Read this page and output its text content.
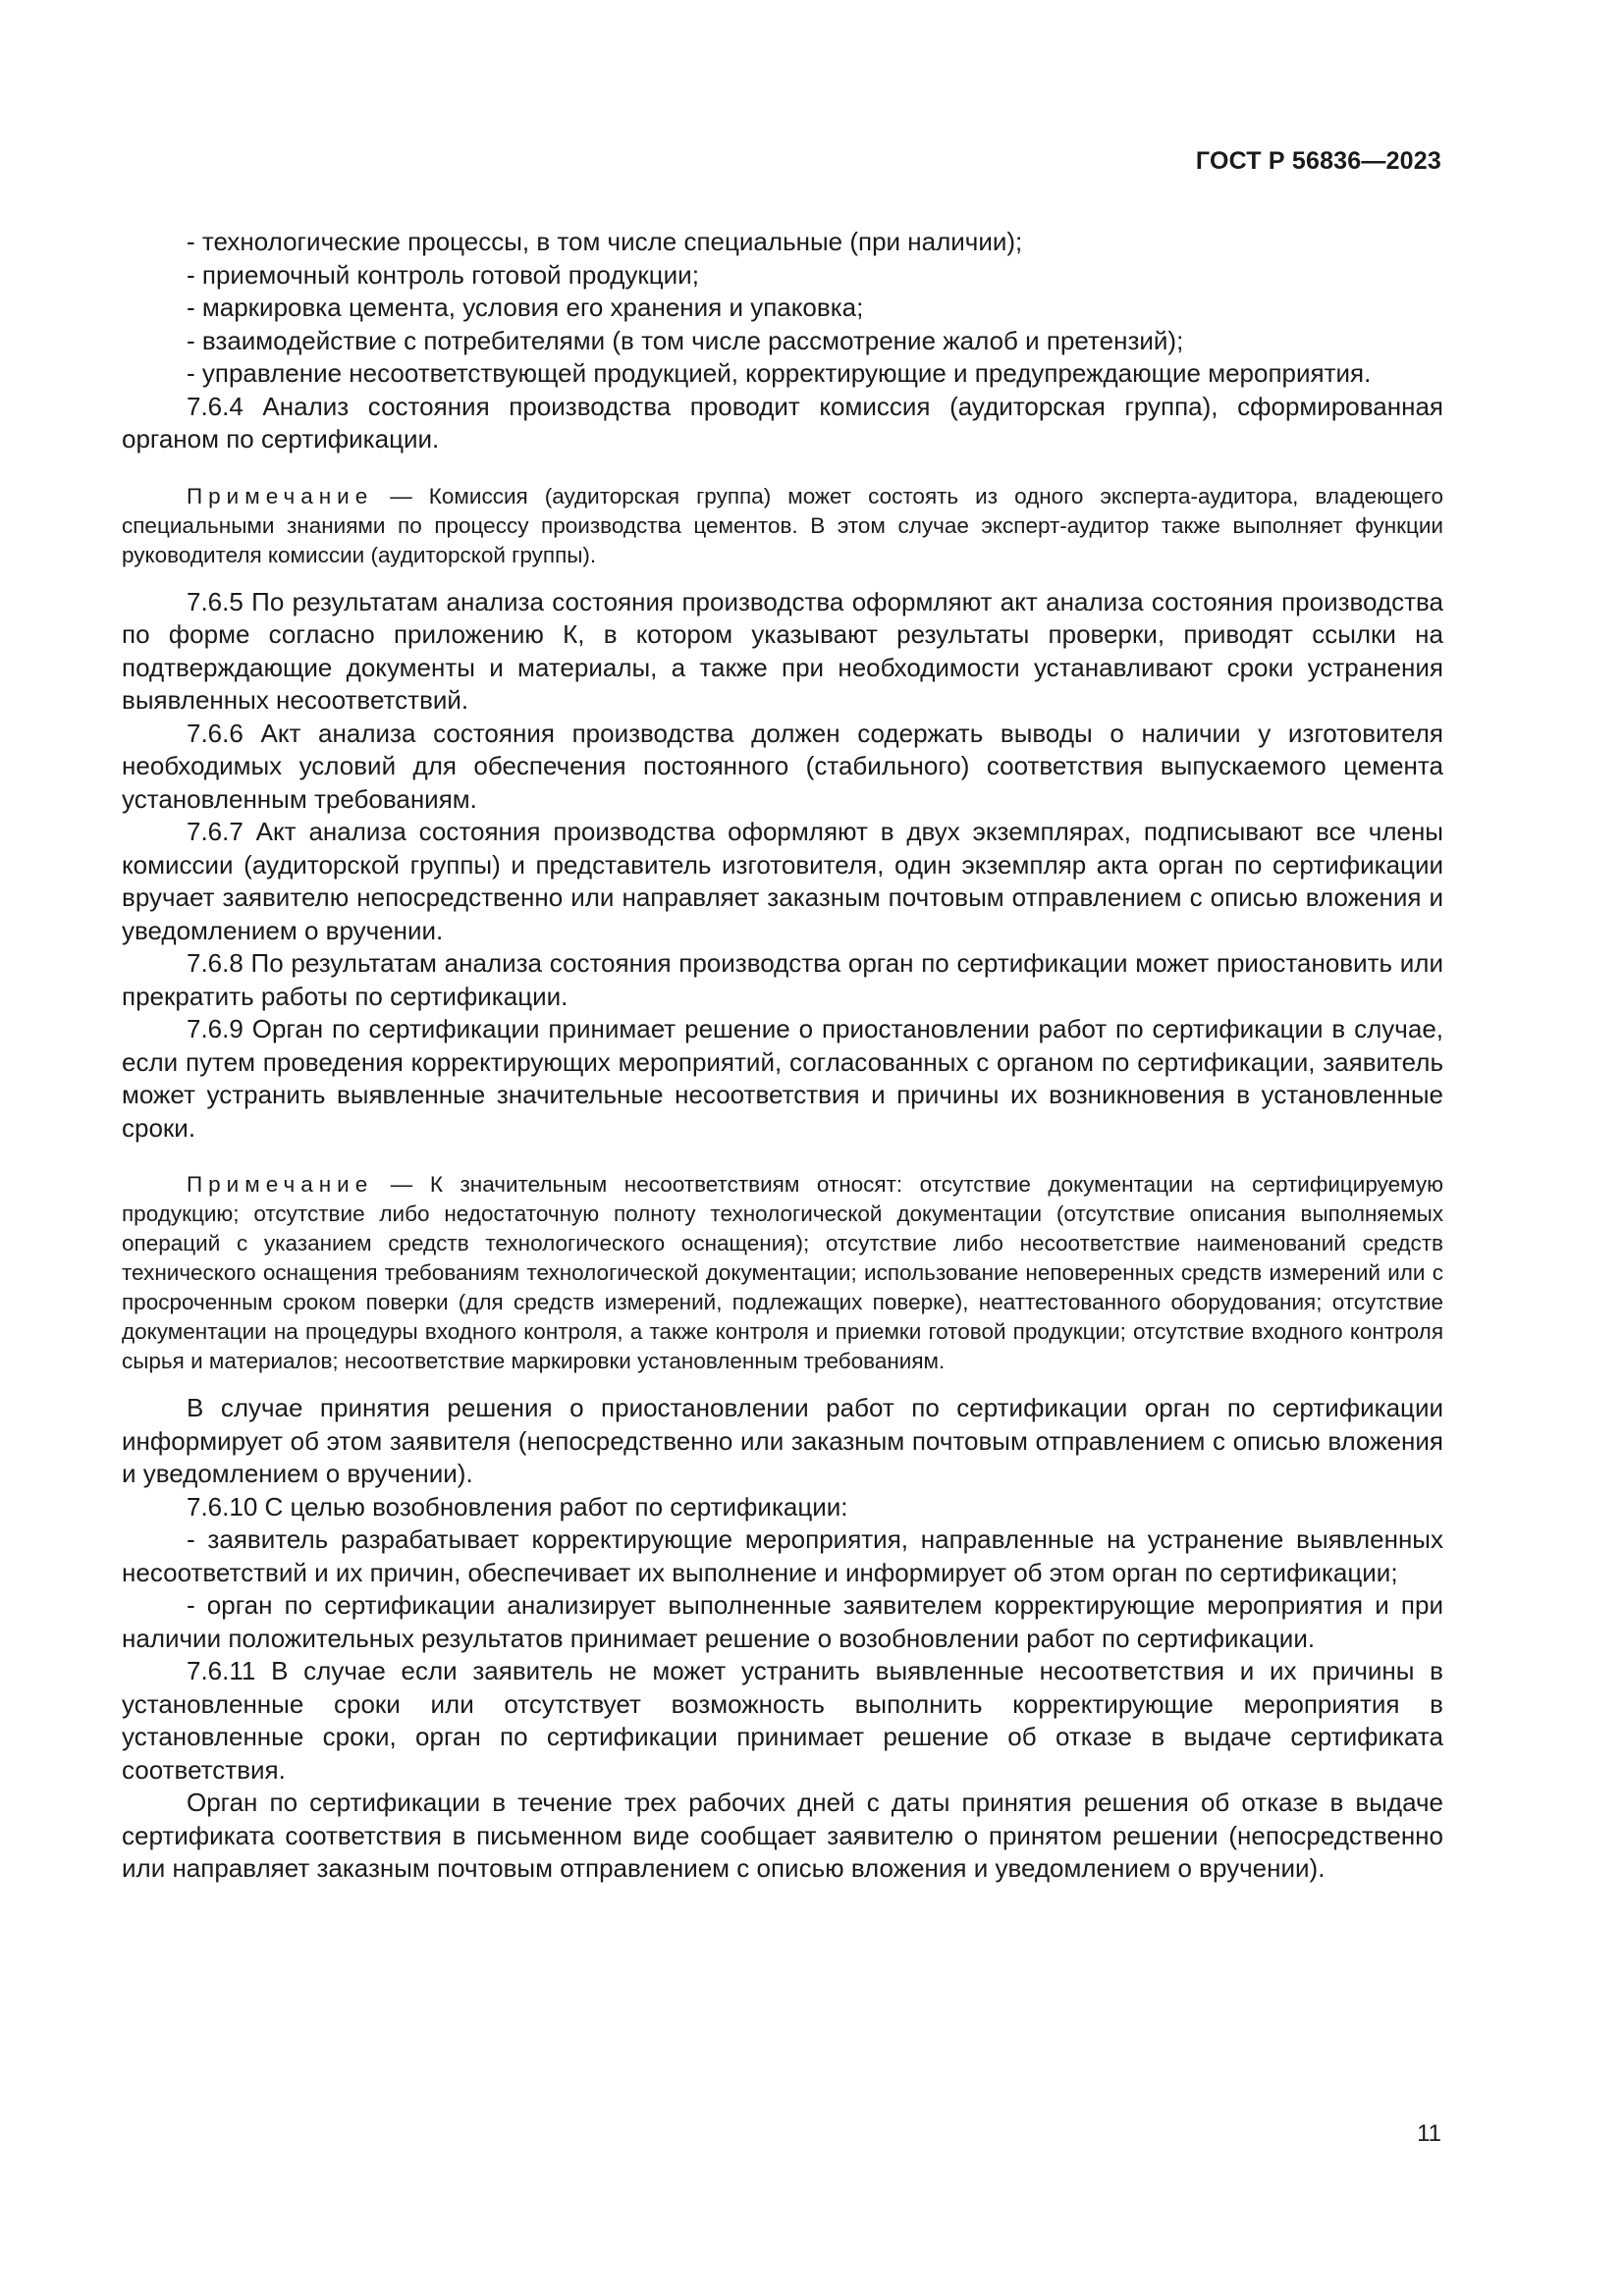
ГОСТ Р 56836—2023

- технологические процессы, в том числе специальные (при наличии);

- приемочный контроль готовой продукции;

- маркировка цемента, условия его хранения и упаковка;

- взаимодействие с потребителями (в том числе рассмотрение жалоб и претензий);

- управление несоответствующей продукцией, корректирующие и предупреждающие мероприятия.

7.6.4 Анализ состояния производства проводит комиссия (аудиторская группа), сформированная органом по сертификации.

Примечание — Комиссия (аудиторская группа) может состоять из одного эксперта-аудитора, владеющего специальными знаниями по процессу производства цементов. В этом случае эксперт-аудитор также выполняет функции руководителя комиссии (аудиторской группы).

7.6.5 По результатам анализа состояния производства оформляют акт анализа состояния производства по форме согласно приложению К, в котором указывают результаты проверки, приводят ссылки на подтверждающие документы и материалы, а также при необходимости устанавливают сроки устранения выявленных несоответствий.

7.6.6 Акт анализа состояния производства должен содержать выводы о наличии у изготовителя необходимых условий для обеспечения постоянного (стабильного) соответствия выпускаемого цемента установленным требованиям.

7.6.7 Акт анализа состояния производства оформляют в двух экземплярах, подписывают все члены комиссии (аудиторской группы) и представитель изготовителя, один экземпляр акта орган по сертификации вручает заявителю непосредственно или направляет заказным почтовым отправлением с описью вложения и уведомлением о вручении.

7.6.8 По результатам анализа состояния производства орган по сертификации может приостановить или прекратить работы по сертификации.

7.6.9 Орган по сертификации принимает решение о приостановлении работ по сертификации в случае, если путем проведения корректирующих мероприятий, согласованных с органом по сертификации, заявитель может устранить выявленные значительные несоответствия и причины их возникновения в установленные сроки.

Примечание — К значительным несоответствиям относят: отсутствие документации на сертифицируемую продукцию; отсутствие либо недостаточную полноту технологической документации (отсутствие описания выполняемых операций с указанием средств технологического оснащения); отсутствие либо несоответствие наименований средств технического оснащения требованиям технологической документации; использование неповеренных средств измерений или с просроченным сроком поверки (для средств измерений, подлежащих поверке), неаттестованного оборудования; отсутствие документации на процедуры входного контроля, а также контроля и приемки готовой продукции; отсутствие входного контроля сырья и материалов; несоответствие маркировки установленным требованиям.

В случае принятия решения о приостановлении работ по сертификации орган по сертификации информирует об этом заявителя (непосредственно или заказным почтовым отправлением с описью вложения и уведомлением о вручении).

7.6.10 С целью возобновления работ по сертификации:

- заявитель разрабатывает корректирующие мероприятия, направленные на устранение выявленных несоответствий и их причин, обеспечивает их выполнение и информирует об этом орган по сертификации;

- орган по сертификации анализирует выполненные заявителем корректирующие мероприятия и при наличии положительных результатов принимает решение о возобновлении работ по сертификации.

7.6.11 В случае если заявитель не может устранить выявленные несоответствия и их причины в установленные сроки или отсутствует возможность выполнить корректирующие мероприятия в установленные сроки, орган по сертификации принимает решение об отказе в выдаче сертификата соответствия.

Орган по сертификации в течение трех рабочих дней с даты принятия решения об отказе в выдаче сертификата соответствия в письменном виде сообщает заявителю о принятом решении (непосредственно или направляет заказным почтовым отправлением с описью вложения и уведомлением о вручении).

11
